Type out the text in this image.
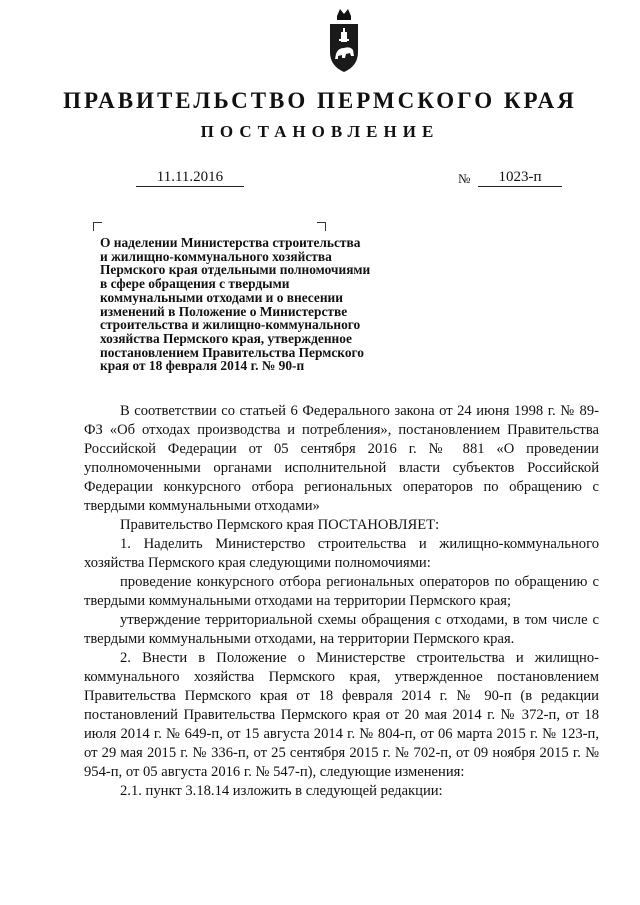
ПРАВИТЕЛЬСТВО ПЕРМСКОГО КРАЯ
ПОСТАНОВЛЕНИЕ
11.11.2016	№	1023-п
О наделении Министерства строительства
и жилищно-коммунального хозяйства
Пермского края отдельными полномочиями
в сфере обращения с твердыми
коммунальными отходами и о внесении
изменений в Положение о Министерстве
строительства и жилищно-коммунального
хозяйства Пермского края, утвержденное
постановлением Правительства Пермского
края от 18 февраля 2014 г. № 90-п

В соответствии со статьей 6 Федерального закона от 24 июня 1998 г. № 89-ФЗ «Об отходах производства и потребления», постановлением Правительства Российской Федерации от 05 сентября 2016 г. № 881 «О проведении уполномоченными органами исполнительной власти субъектов Российской Федерации конкурсного отбора региональных операторов по обращению с твердыми коммунальными отходами»

Правительство Пермского края ПОСТАНОВЛЯЕТ:

1. Наделить Министерство строительства и жилищно-коммунального хозяйства Пермского края следующими полномочиями:

проведение конкурсного отбора региональных операторов по обращению с твердыми коммунальными отходами на территории Пермского края;

утверждение территориальной схемы обращения с отходами, в том числе с твердыми коммунальными отходами, на территории Пермского края.

2. Внести в Положение о Министерстве строительства и жилищно-коммунального хозяйства Пермского края, утвержденное постановлением Правительства Пермского края от 18 февраля 2014 г. № 90-п (в редакции постановлений Правительства Пермского края от 20 мая 2014 г. № 372-п, от 18 июля 2014 г. № 649-п, от 15 августа 2014 г. № 804-п, от 06 марта 2015 г. № 123-п, от 29 мая 2015 г. № 336-п, от 25 сентября 2015 г. № 702-п, от 09 ноября 2015 г. № 954-п, от 05 августа 2016 г. № 547-п), следующие изменения:

2.1. пункт 3.18.14 изложить в следующей редакции:
